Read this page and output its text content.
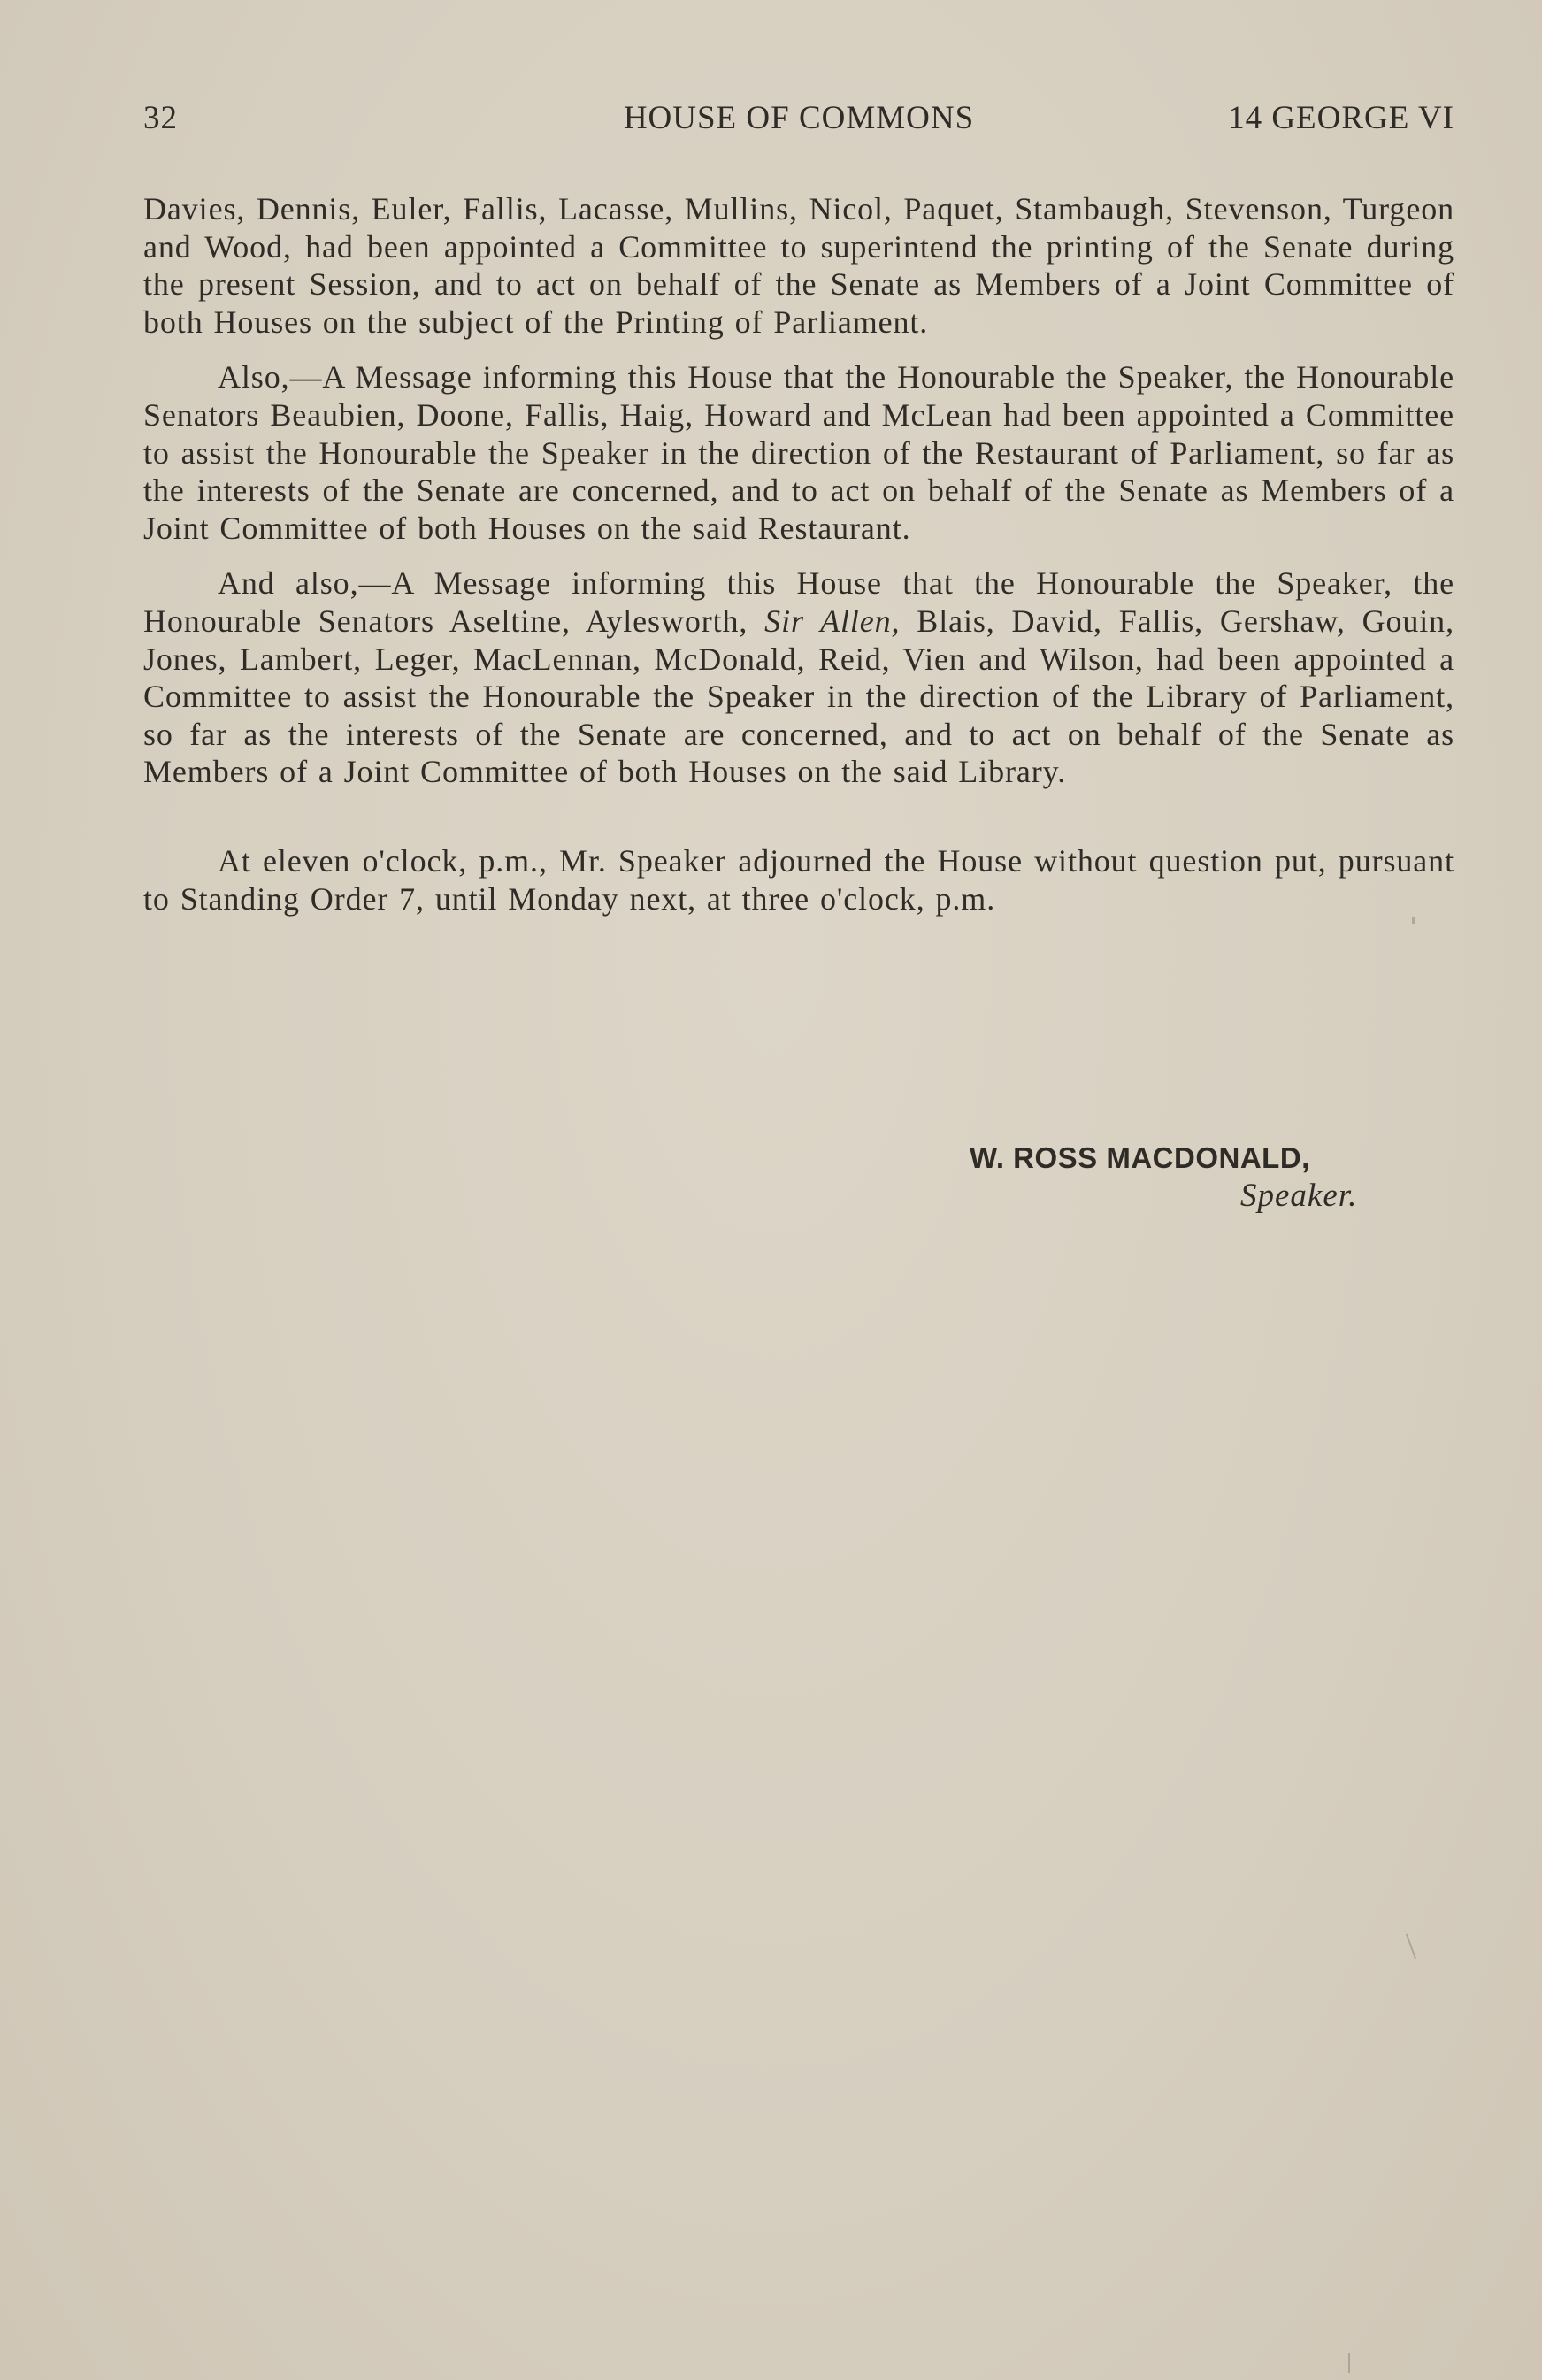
32	HOUSE OF COMMONS	14 GEORGE VI

Davies, Dennis, Euler, Fallis, Lacasse, Mullins, Nicol, Paquet, Stambaugh, Stevenson, Turgeon and Wood, had been appointed a Committee to superintend the printing of the Senate during the present Session, and to act on behalf of the Senate as Members of a Joint Committee of both Houses on the subject of the Printing of Parliament.

Also,—A Message informing this House that the Honourable the Speaker, the Honourable Senators Beaubien, Doone, Fallis, Haig, Howard and McLean had been appointed a Committee to assist the Honourable the Speaker in the direction of the Restaurant of Parliament, so far as the interests of the Senate are concerned, and to act on behalf of the Senate as Members of a Joint Committee of both Houses on the said Restaurant.

And also,—A Message informing this House that the Honourable the Speaker, the Honourable Senators Aseltine, Aylesworth, Sir Allen, Blais, David, Fallis, Gershaw, Gouin, Jones, Lambert, Leger, MacLennan, McDonald, Reid, Vien and Wilson, had been appointed a Committee to assist the Honourable the Speaker in the direction of the Library of Parliament, so far as the interests of the Senate are concerned, and to act on behalf of the Senate as Members of a Joint Committee of both Houses on the said Library.

At eleven o'clock, p.m., Mr. Speaker adjourned the House without question put, pursuant to Standing Order 7, until Monday next, at three o'clock, p.m.

W. ROSS MACDONALD,
Speaker.
